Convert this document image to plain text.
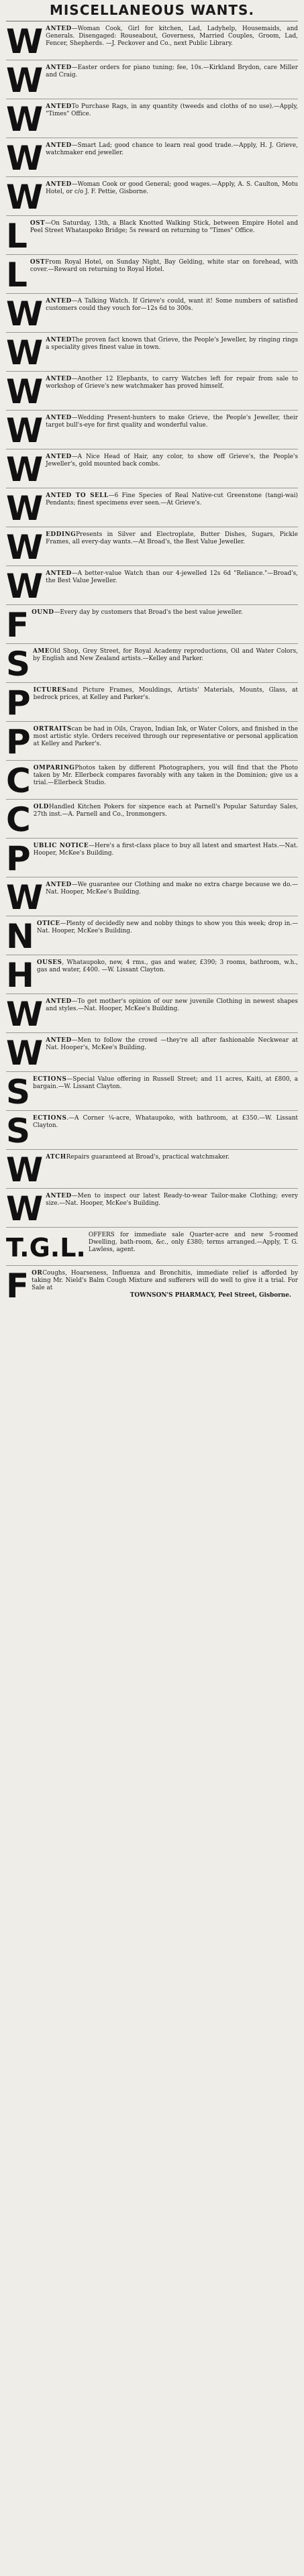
MISCELLANEOUS WANTS.
WANTED—Woman Cook, Girl for kitchen, Lad, Ladyhelp, Housemaids, and Generals. Disengaged: Rouseabout, Governess, Married Couples, Groom, Lad, Fencer, Shepherds. —J. Peckover and Co., next Public Library.
WANTED—Easter orders for piano tuning; fee, 10s.—Kirkland Brydon, care Miller and Craig.
WANTEDTo Purchase Rags, in any quantity (tweeds and cloths of no use).—Apply, "Times" Office.
WANTED—Smart Lad; good chance to learn real good trade.—Apply, H. J. Grieve, watchmaker end jeweller.
WANTED—Woman Cook or good General; good wages.—Apply, A. S. Caulton, Motu Hotel, or c/o J. F. Pettie, Gisborne.
LOST—On Saturday, 13th, a Black Knotted Walking Stick, between Empire Hotel and Peel Street Whataupoko Bridge; 5s reward on returning to "Times" Office.
LOSTFrom Royal Hotel, on Sunday Night, Bay Gelding, white star on forehead, with cover.—Reward on returning to Royal Hotel.
WANTED—A Talking Watch. If Grieve's could, want it! Some numbers of satisfied customers could they vouch for—12s 6d to 300s.
WANTEDThe proven fact known that Grieve, the People's Jeweller, by ringing rings a speciality gives finest value in town.
WANTED—Another 12 Elephants, to carry Watches left for repair from sale to workshop of Grieve's new watchmaker has proved himself.
WANTED—Wedding Present-hunters to make Grieve, the People's Jeweller, their target bull's-eye for first quality and wonderful value.
WANTED—A Nice Head of Hair, any color, to show off Grieve's, the People's Jeweller's, gold mounted back combs.
WANTED TO SELL—6 Fine Species of Real Native-cut Greenstone (tangi-wai) Pendants; finest specimens ever seen.—At Grieve's.
WEDDINGPresents in Silver and Electroplate, Butter Dishes, Sugars, Pickle Frames, all every-day wants.—At Broad's, the Best Value Jeweller.
WANTED—A better-value Watch than our 4-jewelled 12s 6d "Reliance."—Broad's, the Best Value Jeweller.
FOUND—Every day by customers that Broad's the best value jeweller.
SAMEOld Shop, Grey Street, for Royal Academy reproductions, Oil and Water Colors, by English and New Zealand artists.—Kelley and Parker.
PICTURESand Picture Frames, Mouldings, Artists' Materials, Mounts, Glass, at bedrock prices, at Kelley and Parker's.
PORTRAITScan be had in Oils, Crayon, Indian Ink, or Water Colors, and finished in the most artistic style. Orders received through our representative or personal application at Kelley and Parker's.
COMPARINGPhotos taken by different Photographers, you will find that the Photo taken by Mr. Ellerbeck compares favorably with any taken in the Dominion; give us a trial.—Ellerbeck Studio.
COLDHandled Kitchen Pokers for sixpence each at Parnell's Popular Saturday Sales, 27th inst.—A. Parnell and Co., Ironmongers.
PUBLIC NOTICE—Here's a first-class place to buy all latest and smartest Hats.—Nat. Hooper, McKee's Building.
WANTED—We guarantee our Clothing and make no extra charge because we do.—Nat. Hooper, McKee's Building.
NOTICE—Plenty of decidedly new and nobby things to show you this week; drop in.—Nat. Hooper, McKee's Building.
HOUSES, Whataupoko, new, 4 rms., gas and water, £390; 3 rooms, bathroom, w.h., gas and water, £400. —W. Lissant Clayton.
WANTED—To get mother's opinion of our new juvenile Clothing in newest shapes and styles.—Nat. Hooper, McKee's Building.
WANTED—Men to follow the crowd —they're all after fashionable Neckwear at Nat. Hooper's, McKee's Building.
SECTIONS—Special Value offering in Russell Street; and 11 acres, Kaiti, at £800, a bargain.—W. Lissant Clayton.
SECTIONS.—A Corner ¼-acre, Whataupoko, with bathroom, at £350.—W. Lissant Clayton.
WATCHRepairs guaranteed at Broad's, practical watchmaker.
WANTED—Men to inspect our latest Ready-to-wear Tailor-make Clothing; every size.—Nat. Hooper, McKee's Building.
T.G.L. OFFERS for immediate sale Quarter-acre and new 5-roomed Dwelling, bath-room, &c., only £380; terms arranged.—Apply, T. G. Lawless, agent.
FORCoughs, Hoarseness, Influenza and Bronchitis, immediate relief is afforded by taking Mr. Nield's Balm Cough Mixture and sufferers will do well to give it a trial. For Sale at
TOWNSON'S PHARMACY, Peel Street, Gisborne.
